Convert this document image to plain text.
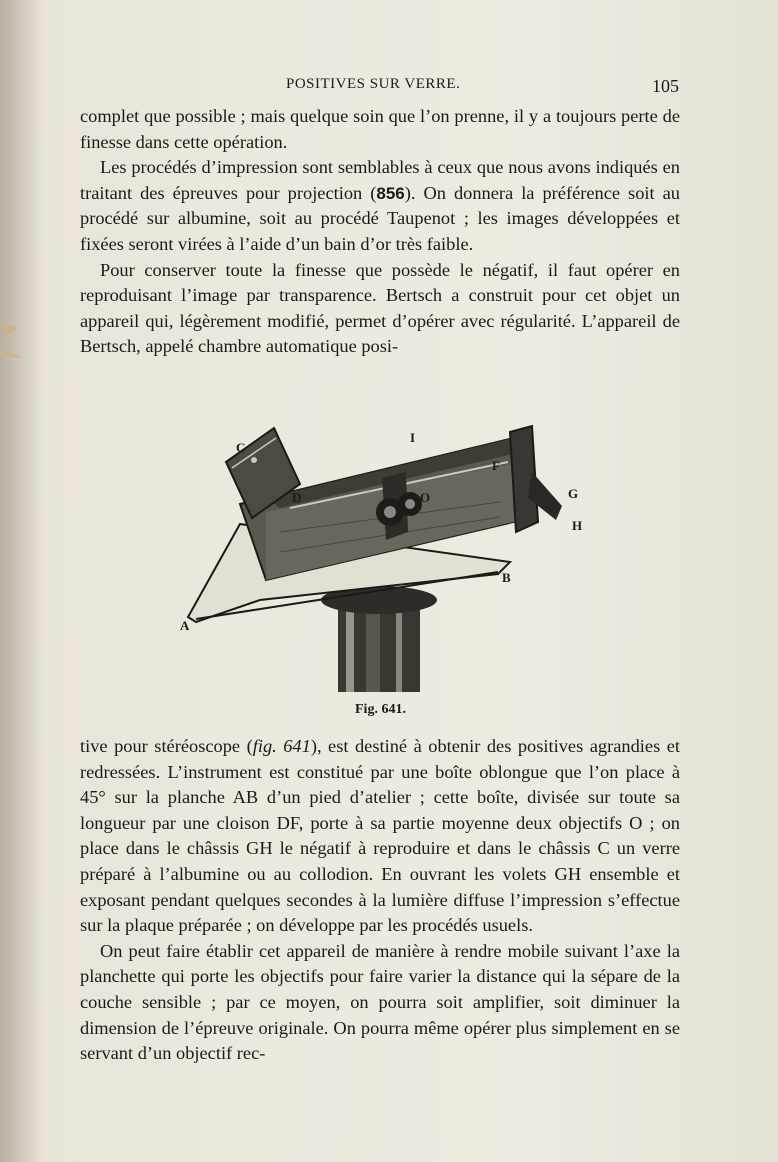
POSITIVES SUR VERRE.	105

complet que possible ; mais quelque soin que l’on prenne, il y a toujours perte de finesse dans cette opération.

Les procédés d’impression sont semblables à ceux que nous avons indiqués en traitant des épreuves pour projection (856). On donnera la préférence soit au procédé sur albumine, soit au procédé Taupenot ; les images développées et fixées seront virées à l’aide d’un bain d’or très faible.

Pour conserver toute la finesse que possède le négatif, il faut opérer en reproduisant l’image par transparence. Bertsch a construit pour cet objet un appareil qui, légèrement modifié, permet d’opérer avec régularité. L’appareil de Bertsch, appelé chambre automatique posi-

C
D
I
F
O	G
H
B
A
Fig. 641.

tive pour stéréoscope (fig. 641), est destiné à obtenir des positives agrandies et redressées. L’instrument est constitué par une boîte oblongue que l’on place à 45° sur la planche AB d’un pied d’atelier ; cette boîte, divisée sur toute sa longueur par une cloison DF, porte à sa partie moyenne deux objectifs O ; on place dans le châssis GH le négatif à reproduire et dans le châssis C un verre préparé à l’albumine ou au collodion. En ouvrant les volets GH ensemble et exposant pendant quelques secondes à la lumière diffuse l’impression s’effectue sur la plaque préparée ; on développe par les procédés usuels.

On peut faire établir cet appareil de manière à rendre mobile suivant l’axe la planchette qui porte les objectifs pour faire varier la distance qui la sépare de la couche sensible ; par ce moyen, on pourra soit amplifier, soit diminuer la dimension de l’épreuve originale. On pourra même opérer plus simplement en se servant d’un objectif rec-
